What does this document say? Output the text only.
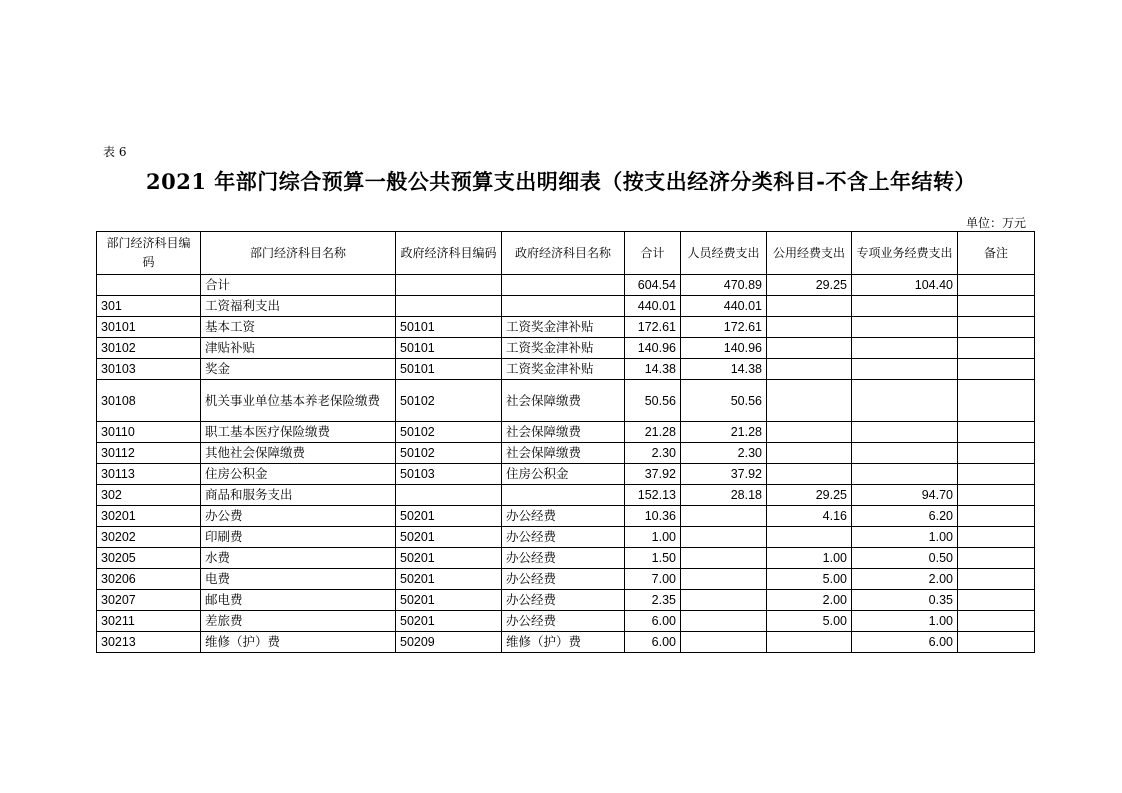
表 6
2021 年部门综合预算一般公共预算支出明细表（按支出经济分类科目-不含上年结转）
单位：万元
部门经济科目编码	部门经济科目名称	政府经济科目编码	政府经济科目名称	合计	人员经费支出	公用经费支出	专项业务经费支出	备注
	合计			604.54	470.89	29.25	104.40	
301	工资福利支出			440.01	440.01			
30101	基本工资	50101	工资奖金津补贴	172.61	172.61			
30102	津贴补贴	50101	工资奖金津补贴	140.96	140.96			
30103	奖金	50101	工资奖金津补贴	14.38	14.38			
30108	机关事业单位基本养老保险缴费	50102	社会保障缴费	50.56	50.56			
30110	职工基本医疗保险缴费	50102	社会保障缴费	21.28	21.28			
30112	其他社会保障缴费	50102	社会保障缴费	2.30	2.30			
30113	住房公积金	50103	住房公积金	37.92	37.92			
302	商品和服务支出			152.13	28.18	29.25	94.70	
30201	办公费	50201	办公经费	10.36		4.16	6.20	
30202	印刷费	50201	办公经费	1.00			1.00	
30205	水费	50201	办公经费	1.50		1.00	0.50	
30206	电费	50201	办公经费	7.00		5.00	2.00	
30207	邮电费	50201	办公经费	2.35		2.00	0.35	
30211	差旅费	50201	办公经费	6.00		5.00	1.00	
30213	维修（护）费	50209	维修（护）费	6.00			6.00	
